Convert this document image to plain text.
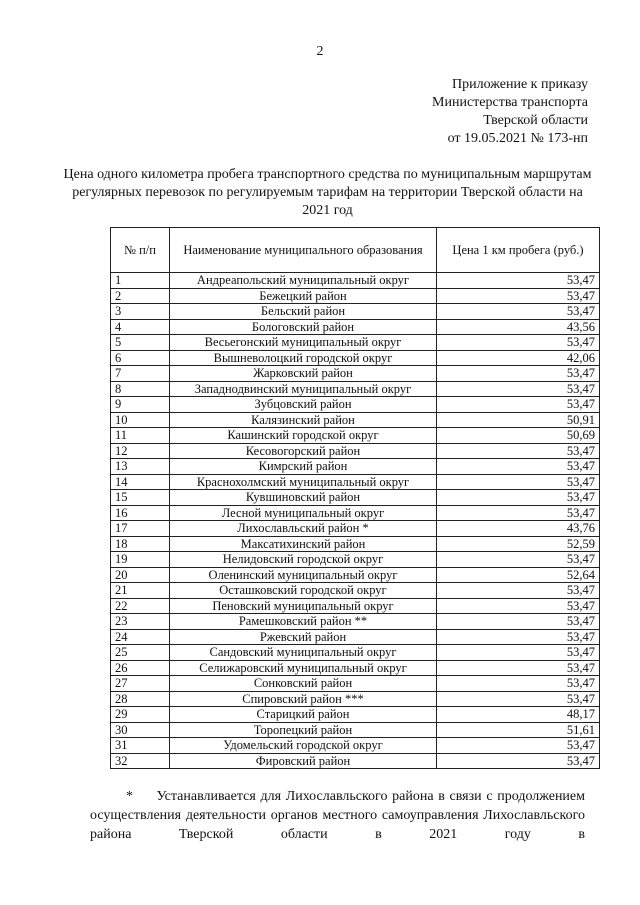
2
Приложение к приказу
Министерства транспорта
Тверской области
от 19.05.2021 № 173-нп
Цена одного километра пробега транспортного средства по муниципальным маршрутам регулярных перевозок по регулируемым тарифам на территории Тверской области на 2021 год
№ п/п	Наименование муниципального образования	Цена 1 км пробега (руб.)
1	Андреапольский муниципальный округ	53,47
2	Бежецкий район	53,47
3	Бельский район	53,47
4	Бологовский район	43,56
5	Весьегонский муниципальный округ	53,47
6	Вышневолоцкий городской округ	42,06
7	Жарковский район	53,47
8	Западнодвинский муниципальный округ	53,47
9	Зубцовский район	53,47
10	Калязинский район	50,91
11	Кашинский городской округ	50,69
12	Кесовогорский район	53,47
13	Кимрский район	53,47
14	Краснохолмский муниципальный округ	53,47
15	Кувшиновский район	53,47
16	Лесной муниципальный округ	53,47
17	Лихославльский район *	43,76
18	Максатихинский район	52,59
19	Нелидовский городской округ	53,47
20	Оленинский муниципальный округ	52,64
21	Осташковский городской округ	53,47
22	Пеновский муниципальный округ	53,47
23	Рамешковский район **	53,47
24	Ржевский район	53,47
25	Сандовский муниципальный округ	53,47
26	Селижаровский муниципальный округ	53,47
27	Сонковский район	53,47
28	Спировский район ***	53,47
29	Старицкий район	48,17
30	Торопецкий район	51,61
31	Удомельский городской округ	53,47
32	Фировский район	53,47
* Устанавливается для Лихославльского района в связи с продолжением осуществления деятельности органов местного самоуправления Лихославльского района Тверской области в 2021 году в
